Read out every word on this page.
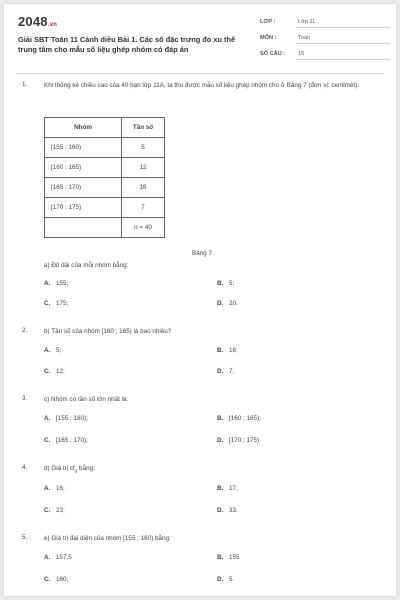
2048.vn
Giải SBT Toán 11 Cánh diều Bài 1. Các số đặc trưng đo xu thế trung tâm cho mẫu số liệu ghép nhóm có đáp án
LỚP :	Lớp 11
MÔN :	Toán
SỐ CÂU : 15
1.	Khi thống kê chiều cao của 40 bạn lớp 11A, ta thu được mẫu số liệu ghép nhóm cho ở Bảng 7 (đơn vị: centimét).
Nhóm	Tần số
[155 ; 160)	5
[160 ; 165)	12
[165 ; 170)	16
[170 ; 175)	7
	n = 40
Bảng 7
a) Độ dài của mỗi nhóm bằng:
A. 155;	B. 5;
C. 175;	D. 20.
2.	b) Tần số của nhóm [160 ; 165) là bao nhiêu?
A. 5;	B. 16;
C. 12;	D. 7.
3.	c) Nhóm có tần số lớn nhất là:
A. [155 ; 160);	B. [160 ; 165);
C. [165 ; 170);	D. [170 ; 175).
4.	d) Giá trị $cf_3$ bằng:
A. 16;	B. 17;
C. 23;	D. 33.
5.	e) Giá trị đại diện của nhóm [155 ; 160) bằng:
A. 157,5	B. 155
C. 160;	D. 5.
